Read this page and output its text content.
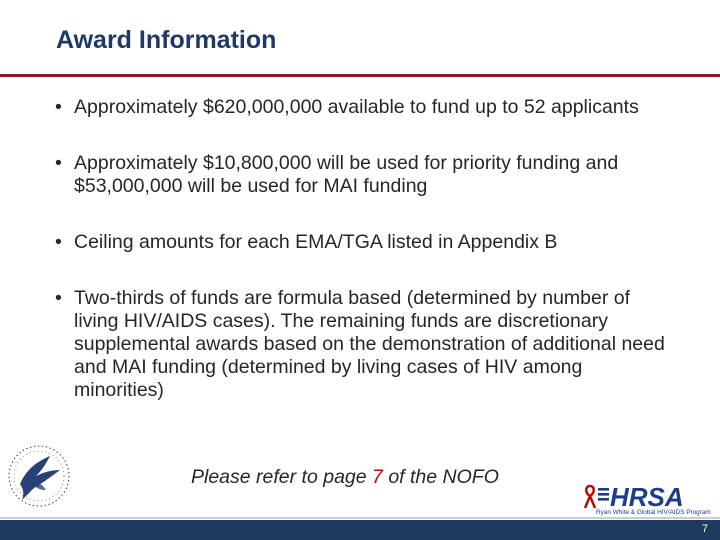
Award Information
• Approximately $620,000,000 available to fund up to 52 applicants
• Approximately $10,800,000 will be used for priority funding and $53,000,000 will be used for MAI funding
• Ceiling amounts for each EMA/TGA listed in Appendix B
• Two-thirds of funds are formula based (determined by number of living HIV/AIDS cases). The remaining funds are discretionary supplemental awards based on the demonstration of additional need and MAI funding (determined by living cases of HIV among minorities)
Please refer to page 7 of the NOFO
HRSA
Ryan White & Global HIV/AIDS Program
7
